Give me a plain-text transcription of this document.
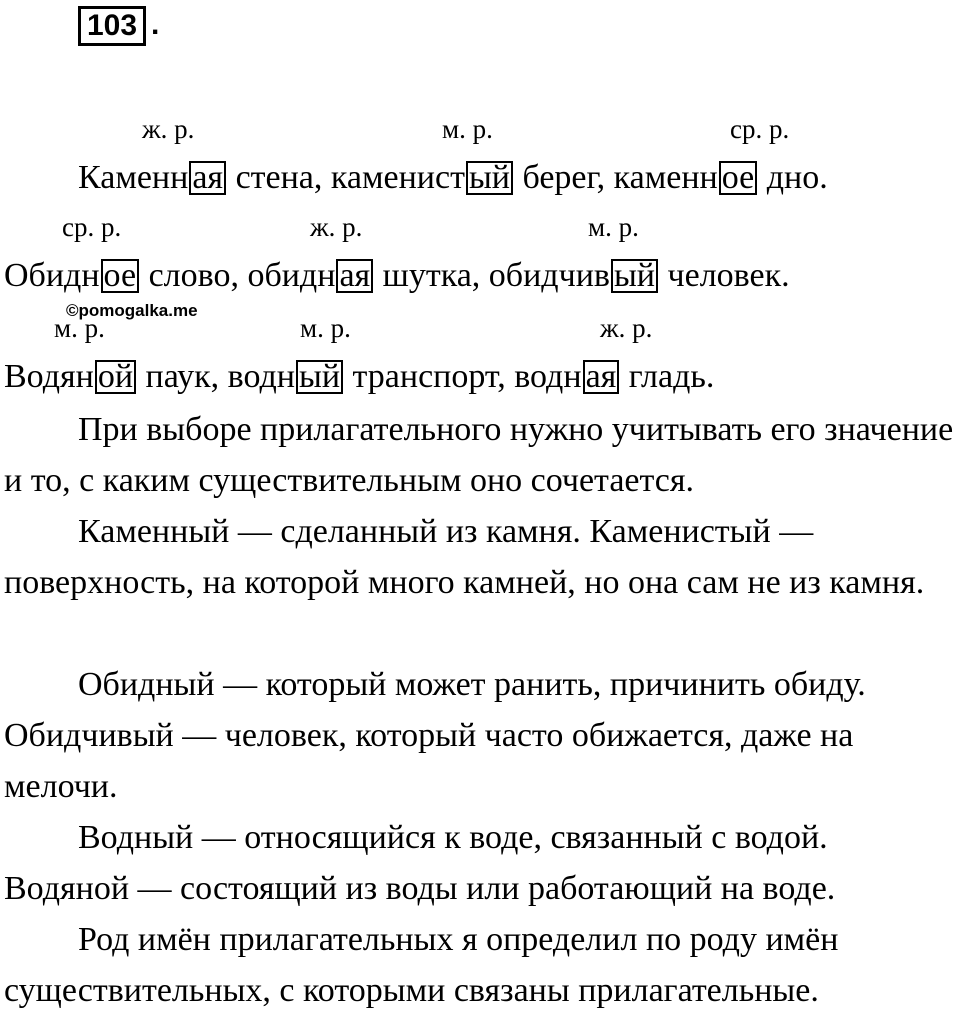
103 .
ж. р.	м. р.	ср. р.
Каменн ая стена, каменист ый берег, каменн ое дно.
ср. р.	ж. р.	м. р.
Обидн ое слово, обидн ая шутка, обидчив ый человек.
©pomogalka.me
м. р.	м. р.	ж. р.
Водян ой паук, водн ый транспорт, водн ая гладь.
При выборе прилагательного нужно учитывать его значение и то, с каким существительным оно сочетается.
Каменный — сделанный из камня. Каменистый — поверхность, на которой много камней, но она сам не из камня.
Обидный — который может ранить, причинить обиду. Обидчивый — человек, который часто обижается, даже на мелочи.
Водный — относящийся к воде, связанный с водой. Водяной — состоящий из воды или работающий на воде.
Род имён прилагательных я определил по роду имён существительных, с которыми связаны прилагательные.
